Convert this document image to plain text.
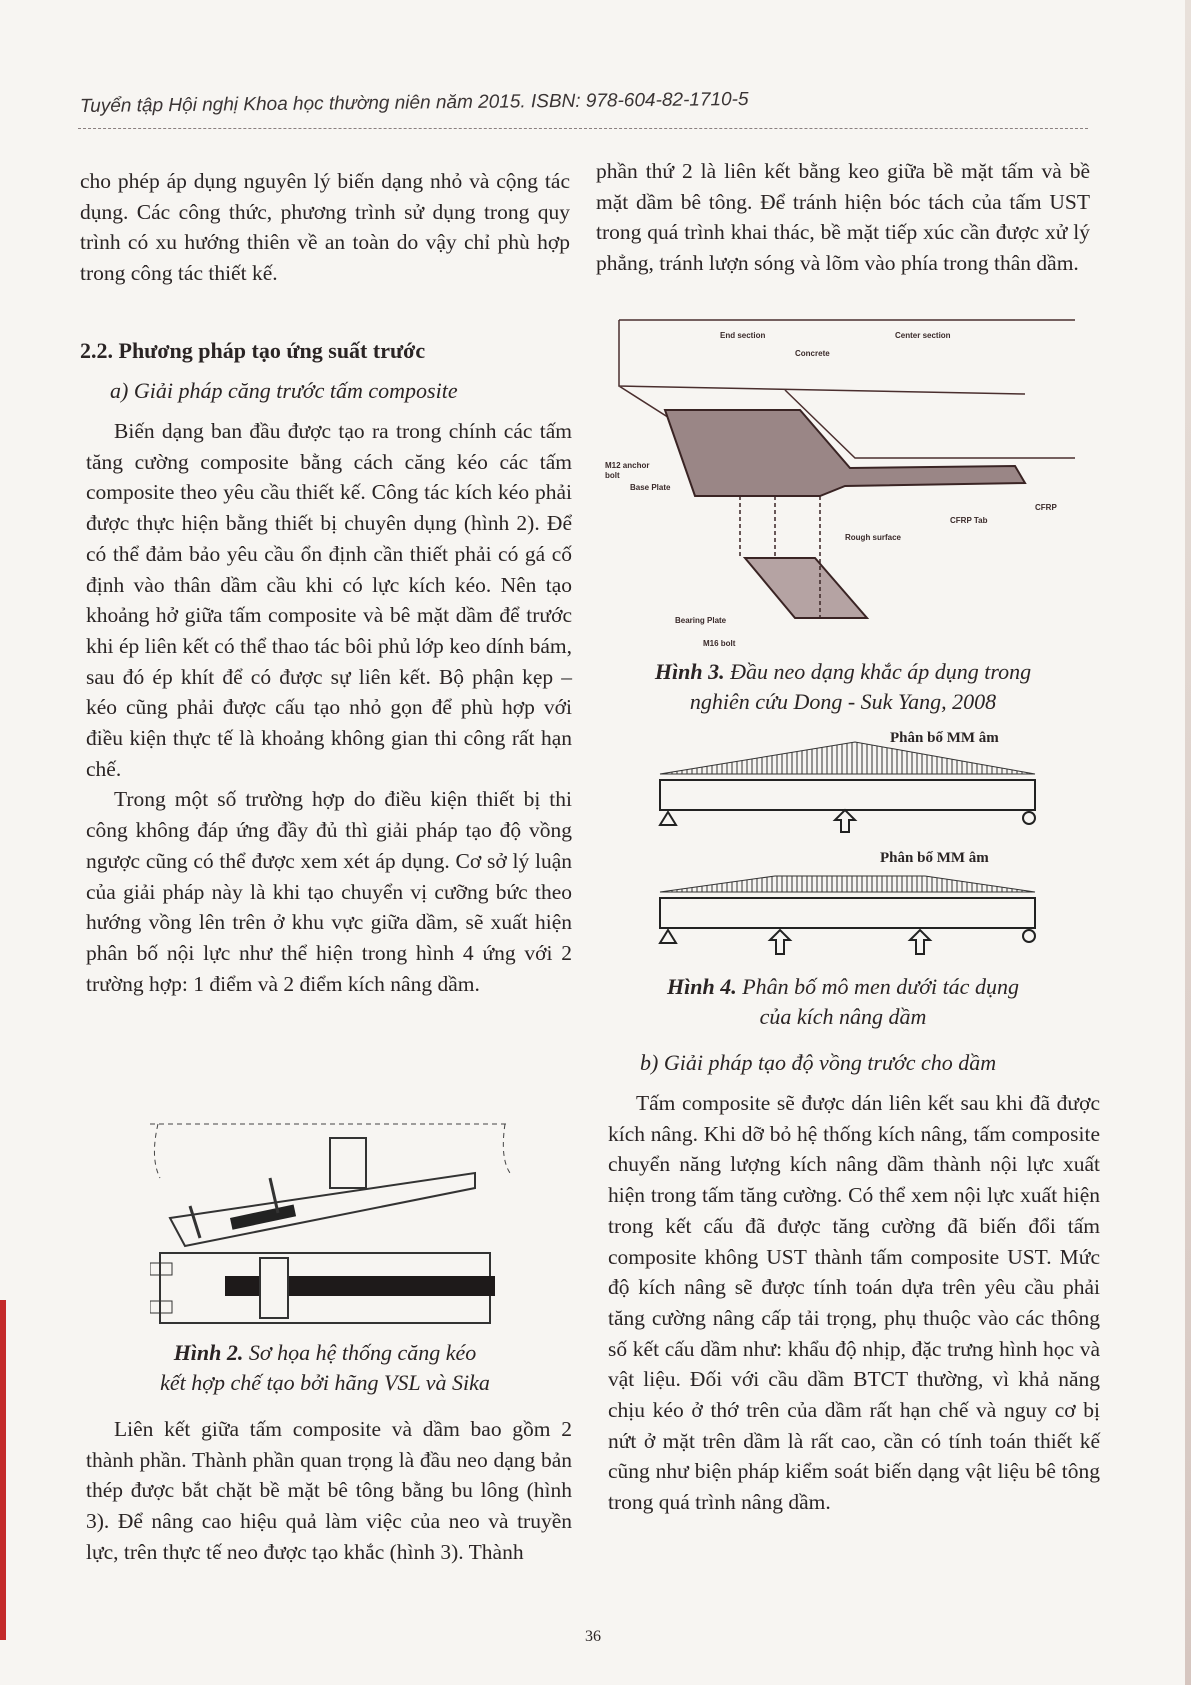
Tuyển tập Hội nghị Khoa học thường niên năm 2015. ISBN: 978-604-82-1710-5

cho phép áp dụng nguyên lý biến dạng nhỏ và cộng tác dụng. Các công thức, phương trình sử dụng trong quy trình có xu hướng thiên về an toàn do vậy chỉ phù hợp trong công tác thiết kế.

2.2. Phương pháp tạo ứng suất trước
a) Giải pháp căng trước tấm composite

Biến dạng ban đầu được tạo ra trong chính các tấm tăng cường composite bằng cách căng kéo các tấm composite theo yêu cầu thiết kế. Công tác kích kéo phải được thực hiện bằng thiết bị chuyên dụng (hình 2). Để có thể đảm bảo yêu cầu ổn định cần thiết phải có gá cố định vào thân dầm cầu khi có lực kích kéo. Nên tạo khoảng hở giữa tấm composite và bê mặt dầm để trước khi ép liên kết có thể thao tác bôi phủ lớp keo dính bám, sau đó ép khít để có được sự liên kết. Bộ phận kẹp – kéo cũng phải được cấu tạo nhỏ gọn để phù hợp với điều kiện thực tế là khoảng không gian thi công rất hạn chế.

Trong một số trường hợp do điều kiện thiết bị thi công không đáp ứng đầy đủ thì giải pháp tạo độ vồng ngược cũng có thể được xem xét áp dụng. Cơ sở lý luận của giải pháp này là khi tạo chuyển vị cưỡng bức theo hướng vồng lên trên ở khu vực giữa dầm, sẽ xuất hiện phân bố nội lực như thể hiện trong hình 4 ứng với 2 trường hợp: 1 điểm và 2 điểm kích nâng dầm.

Hình 2. Sơ họa hệ thống căng kéo
kết hợp chế tạo bởi hãng VSL và Sika

Liên kết giữa tấm composite và dầm bao gồm 2 thành phần. Thành phần quan trọng là đầu neo dạng bản thép được bắt chặt bề mặt bê tông bằng bu lông (hình 3). Để nâng cao hiệu quả làm việc của neo và truyền lực, trên thực tế neo được tạo khắc (hình 3). Thành

phần thứ 2 là liên kết bằng keo giữa bề mặt tấm và bề mặt dầm bê tông. Để tránh hiện bóc tách của tấm UST trong quá trình khai thác, bề mặt tiếp xúc cần được xử lý phẳng, tránh lượn sóng và lõm vào phía trong thân dầm.

End section	Center section
Concrete
M12 anchor
bolt
Base Plate
Bearing Plate
M16 bolt
Rough surface
CFRP Tab
CFRP
Hình 3. Đầu neo dạng khắc áp dụng trong
nghiên cứu Dong - Suk Yang, 2008
Phân bố MM âm
Phân bố MM âm
Hình 4. Phân bố mô men dưới tác dụng
của kích nâng dầm
b) Giải pháp tạo độ vồng trước cho dầm

Tấm composite sẽ được dán liên kết sau khi đã được kích nâng. Khi dỡ bỏ hệ thống kích nâng, tấm composite chuyển năng lượng kích nâng dầm thành nội lực xuất hiện trong tấm tăng cường. Có thể xem nội lực xuất hiện trong kết cấu đã được tăng cường đã biến đổi tấm composite không UST thành tấm composite UST. Mức độ kích nâng sẽ được tính toán dựa trên yêu cầu phải tăng cường nâng cấp tải trọng, phụ thuộc vào các thông số kết cấu dầm như: khẩu độ nhịp, đặc trưng hình học và vật liệu. Đối với cầu dầm BTCT thường, vì khả năng chịu kéo ở thớ trên của dầm rất hạn chế và nguy cơ bị nứt ở mặt trên dầm là rất cao, cần có tính toán thiết kế cũng như biện pháp kiểm soát biến dạng vật liệu bê tông trong quá trình nâng dầm.

36
